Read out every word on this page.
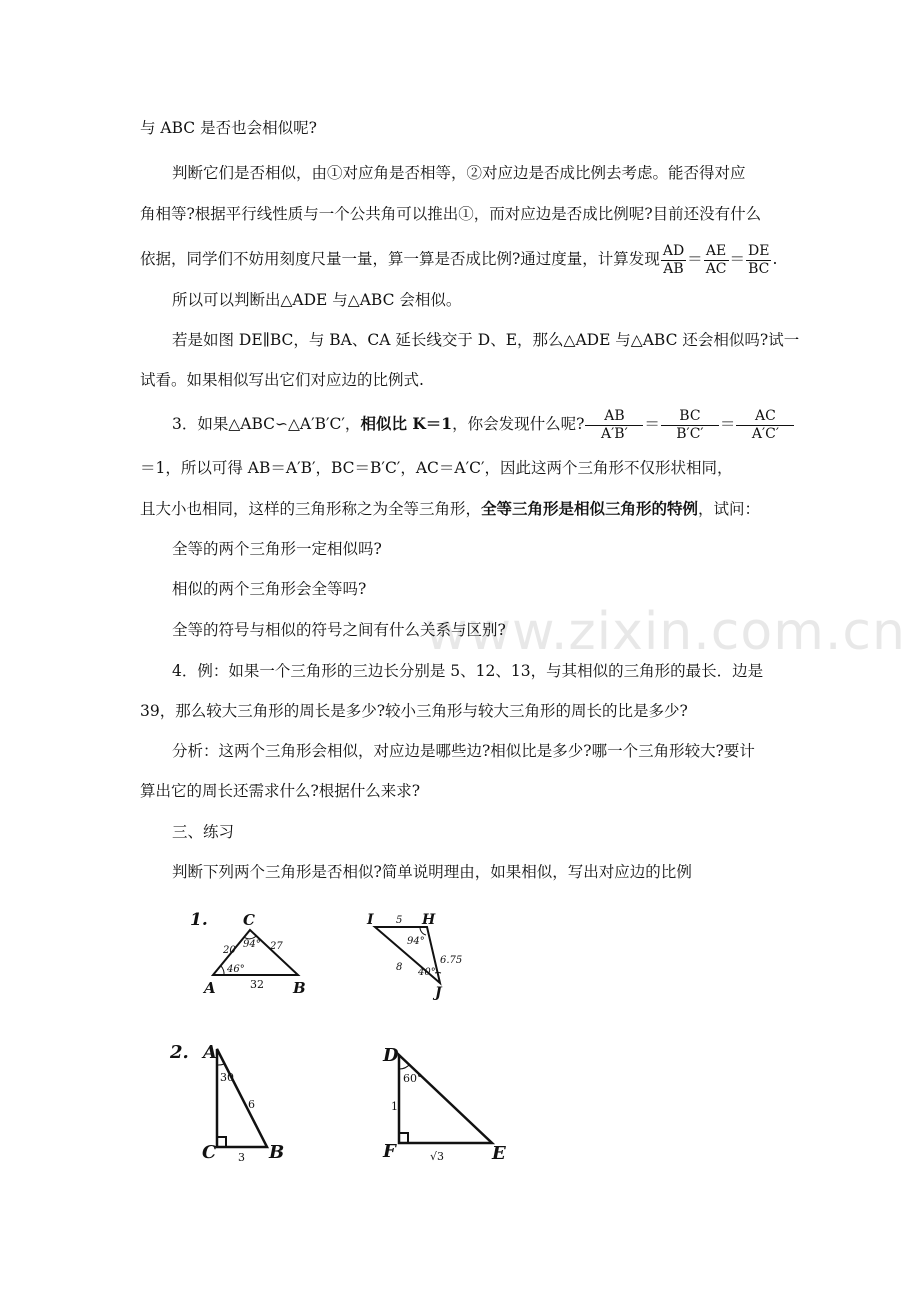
www.zixin.com.cn
与 ABC 是否也会相似呢?
判断它们是否相似，由①对应角是否相等，②对应边是否成比例去考虑。能否得对应
角相等?根据平行线性质与一个公共角可以推出①，而对应边是否成比例呢?目前还没有什么
依据，同学们不妨用刻度尺量一量，算一算是否成比例?通过度量，计算发现 $\frac{AD}{AB} = \frac{AE}{AC} = \frac{DE}{BC}$ .
所以可以判断出△ADE 与△ABC 会相似。
若是如图 DE∥BC，与 BA、CA 延长线交于 D、E，那么△ADE 与△ABC 还会相似吗?试一
试看。如果相似写出它们对应边的比例式.
3．如果△ABC∽△A′B′C′，相似比 K＝1，你会发现什么呢? $\frac{AB}{A'B'} = \frac{BC}{B'C'} = \frac{AC}{A'C'}$
＝1，所以可得 AB＝A′B′，BC＝B′C′，AC＝A′C′，因此这两个三角形不仅形状相同，
且大小也相同，这样的三角形称之为全等三角形，全等三角形是相似三角形的特例，试问：
全等的两个三角形一定相似吗?
相似的两个三角形会全等吗?
全等的符号与相似的符号之间有什么关系与区别?
4．例：如果一个三角形的三边长分别是 5、12、13，与其相似的三角形的最长．边是
39，那么较大三角形的周长是多少?较小三角形与较大三角形的周长的比是多少?
分析：这两个三角形会相似，对应边是哪些边?相似比是多少?哪一个三角形较大?要计
算出它的周长还需求什么?根据什么来求?
三、练习
判断下列两个三角形是否相似?简单说明理由，如果相似，写出对应边的比例
1. C
A	B
20
94° 27
46°
32
I	H
J
5
94°
8 40°
6.75
2. A
C	B
30
6
3
D
F	E
60°
1
√3
